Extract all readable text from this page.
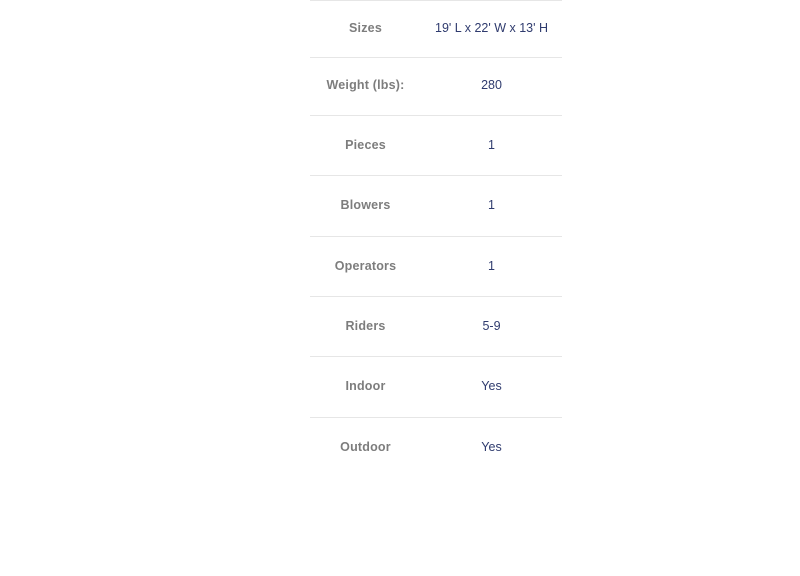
Sizes	19' L x 22' W x 13' H
Weight (lbs):	280
Pieces	1
Blowers	1
Operators	1
Riders	5-9
Indoor	Yes
Outdoor	Yes
